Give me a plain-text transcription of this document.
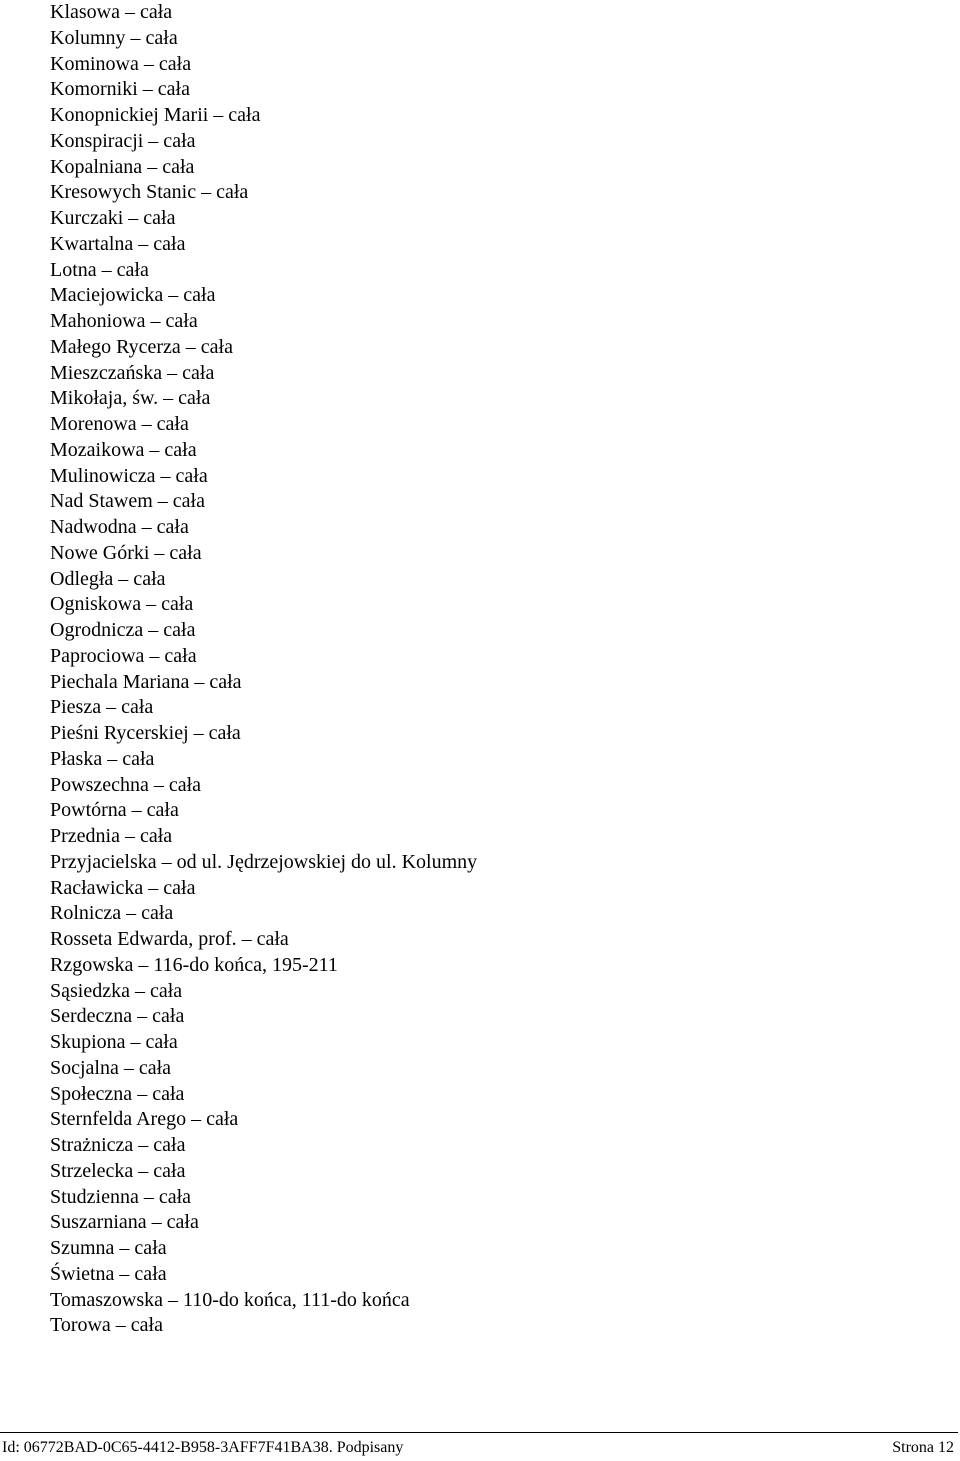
Klasowa – cała
Kolumny – cała
Kominowa – cała
Komorniki – cała
Konopnickiej Marii – cała
Konspiracji – cała
Kopalniana – cała
Kresowych Stanic – cała
Kurczaki – cała
Kwartalna – cała
Lotna – cała
Maciejowicka – cała
Mahoniowa – cała
Małego Rycerza – cała
Mieszczańska – cała
Mikołaja, św. – cała
Morenowa – cała
Mozaikowa – cała
Mulinowicza – cała
Nad Stawem – cała
Nadwodna – cała
Nowe Górki – cała
Odległa – cała
Ogniskowa – cała
Ogrodnicza – cała
Paprociowa – cała
Piechala Mariana – cała
Piesza – cała
Pieśni Rycerskiej – cała
Płaska – cała
Powszechna – cała
Powtórna – cała
Przednia – cała
Przyjacielska – od ul. Jędrzejowskiej do ul. Kolumny
Racławicka – cała
Rolnicza – cała
Rosseta Edwarda, prof. – cała
Rzgowska – 116-do końca, 195-211
Sąsiedzka – cała
Serdeczna – cała
Skupiona – cała
Socjalna – cała
Społeczna – cała
Sternfelda Arego – cała
Strażnicza – cała
Strzelecka – cała
Studzienna – cała
Suszarniana – cała
Szumna – cała
Świetna – cała
Tomaszowska – 110-do końca, 111-do końca
Torowa – cała
Id: 06772BAD-0C65-4412-B958-3AFF7F41BA38. Podpisany	Strona 12
